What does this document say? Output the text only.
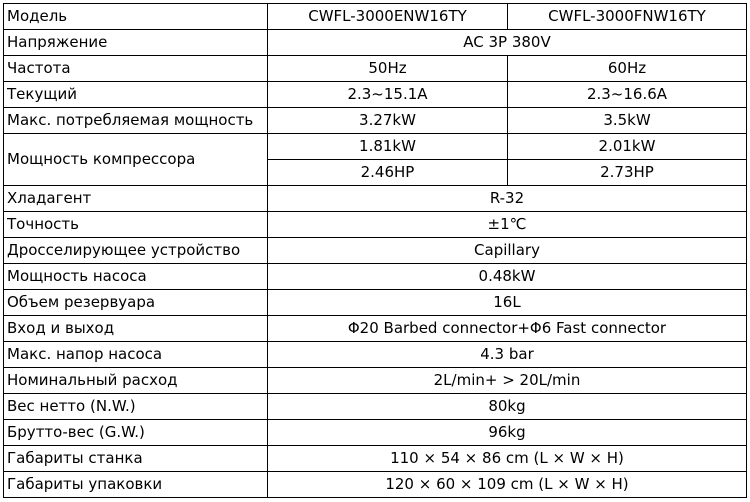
Модель	CWFL-3000ENW16TY	CWFL-3000FNW16TY
Напряжение	AC 3P 380V	
Частота	50Hz	60Hz
Текущий	2.3~15.1A	2.3~16.6A
Макс. потребляемая мощность	3.27kW	3.5kW
Мощность компрессора	1.81kW	2.01kW
	2.46HP	2.73HP
Хладагент	R-32	
Точность	±1℃	
Дросселирующее устройство	Capillary	
Мощность насоса	0.48kW	
Объем резервуара	16L	
Вход и выход	Φ20 Barbed connector+Φ6 Fast connector	
Макс. напор насоса	4.3 bar	
Номинальный расход	2L/min+ > 20L/min	
Вес нетто (N.W.)	80kg	
Брутто-вес (G.W.)	96kg	
Габариты станка	110 × 54 × 86 cm (L × W × H)	
Габариты упаковки	120 × 60 × 109 cm (L × W × H)	
